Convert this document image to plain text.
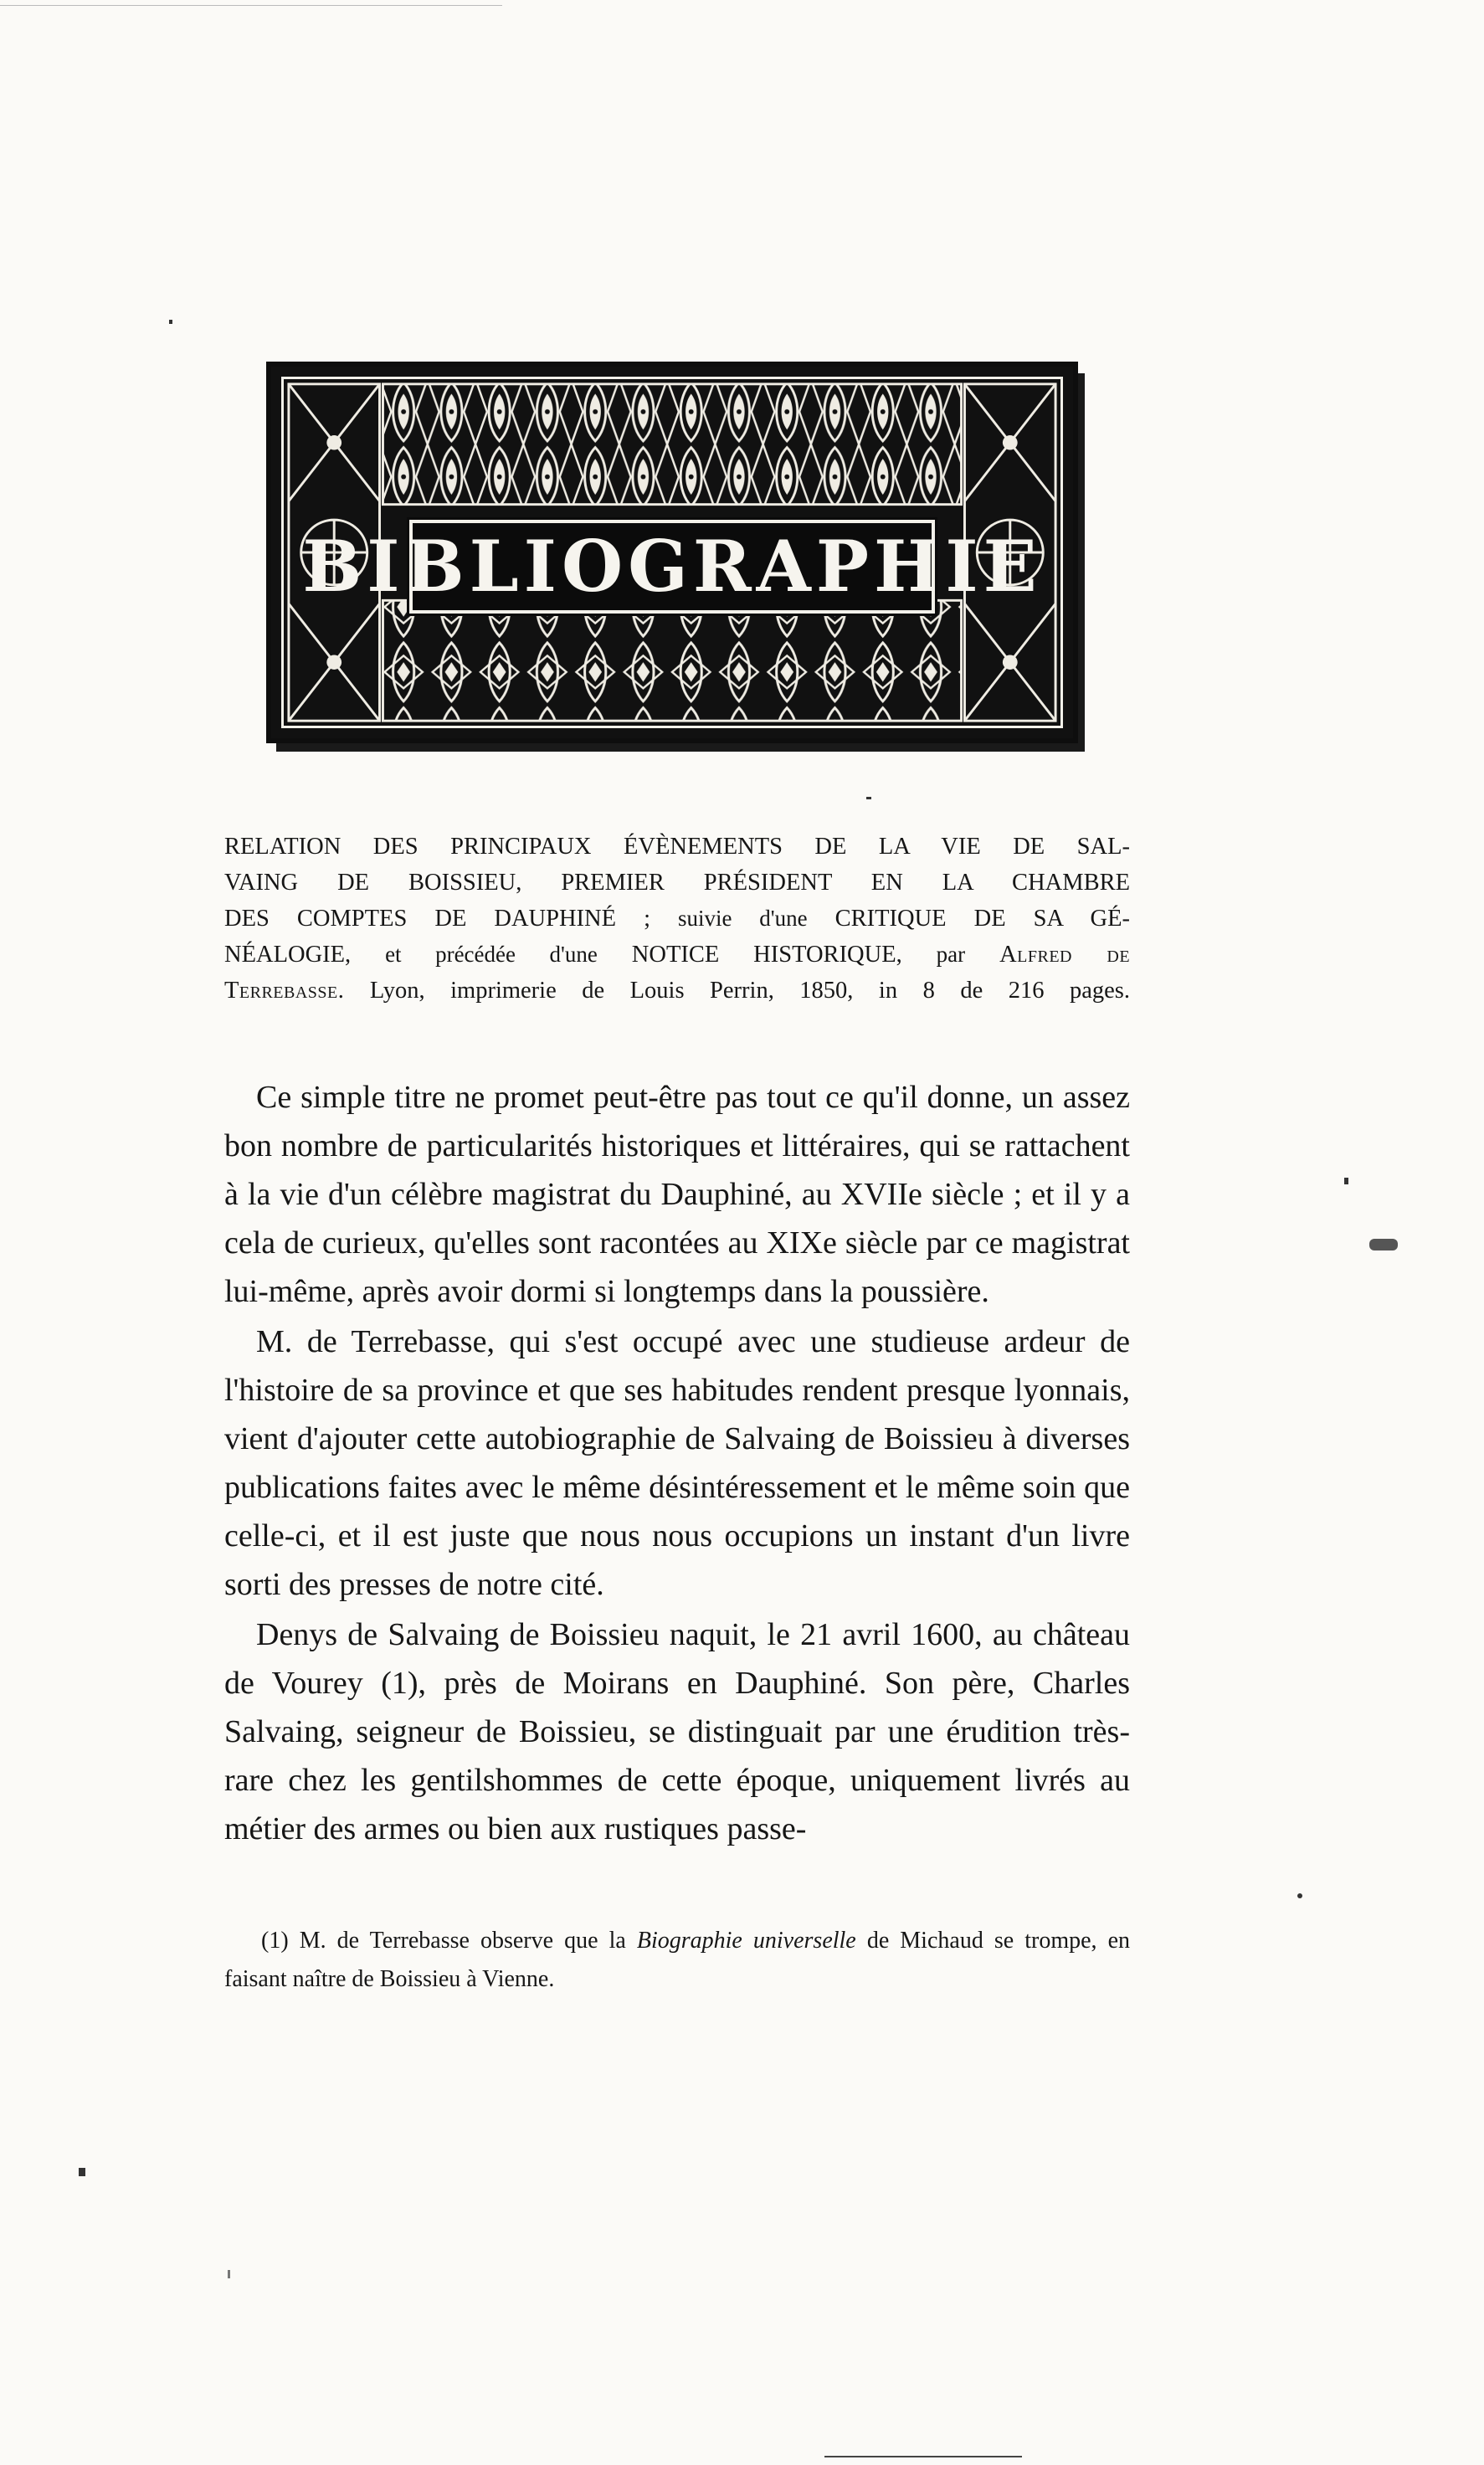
BIBLIOGRAPHIE
RELATION DES PRINCIPAUX ÉVÈNEMENTS DE LA VIE DE SAL-
VAING DE BOISSIEU, PREMIER PRÉSIDENT EN LA CHAMBRE
DES COMPTES DE DAUPHINÉ ; suivie d'une CRITIQUE DE SA GÉ-
NÉALOGIE, et précédée d'une NOTICE HISTORIQUE, par Alfred de
Terrebasse. Lyon, imprimerie de Louis Perrin, 1850, in 8 de 216 pages.

Ce simple titre ne promet peut-être pas tout ce qu'il donne, un assez bon nombre de particularités historiques et littéraires, qui se rattachent à la vie d'un célèbre magistrat du Dauphiné, au XVIIe siècle ; et il y a cela de curieux, qu'elles sont racontées au XIXe siècle par ce magistrat lui-même, après avoir dormi si longtemps dans la poussière.

M. de Terrebasse, qui s'est occupé avec une studieuse ardeur de l'histoire de sa province et que ses habitudes rendent presque lyonnais, vient d'ajouter cette autobiographie de Salvaing de Boissieu à diverses publications faites avec le même désintéressement et le même soin que celle-ci, et il est juste que nous nous occupions un instant d'un livre sorti des presses de notre cité.

Denys de Salvaing de Boissieu naquit, le 21 avril 1600, au château de Vourey (1), près de Moirans en Dauphiné. Son père, Charles Salvaing, seigneur de Boissieu, se distinguait par une érudition très-rare chez les gentilshommes de cette époque, uniquement livrés au métier des armes ou bien aux rustiques passe-

(1) M. de Terrebasse observe que la Biographie universelle de Michaud se trompe, en faisant naître de Boissieu à Vienne.
